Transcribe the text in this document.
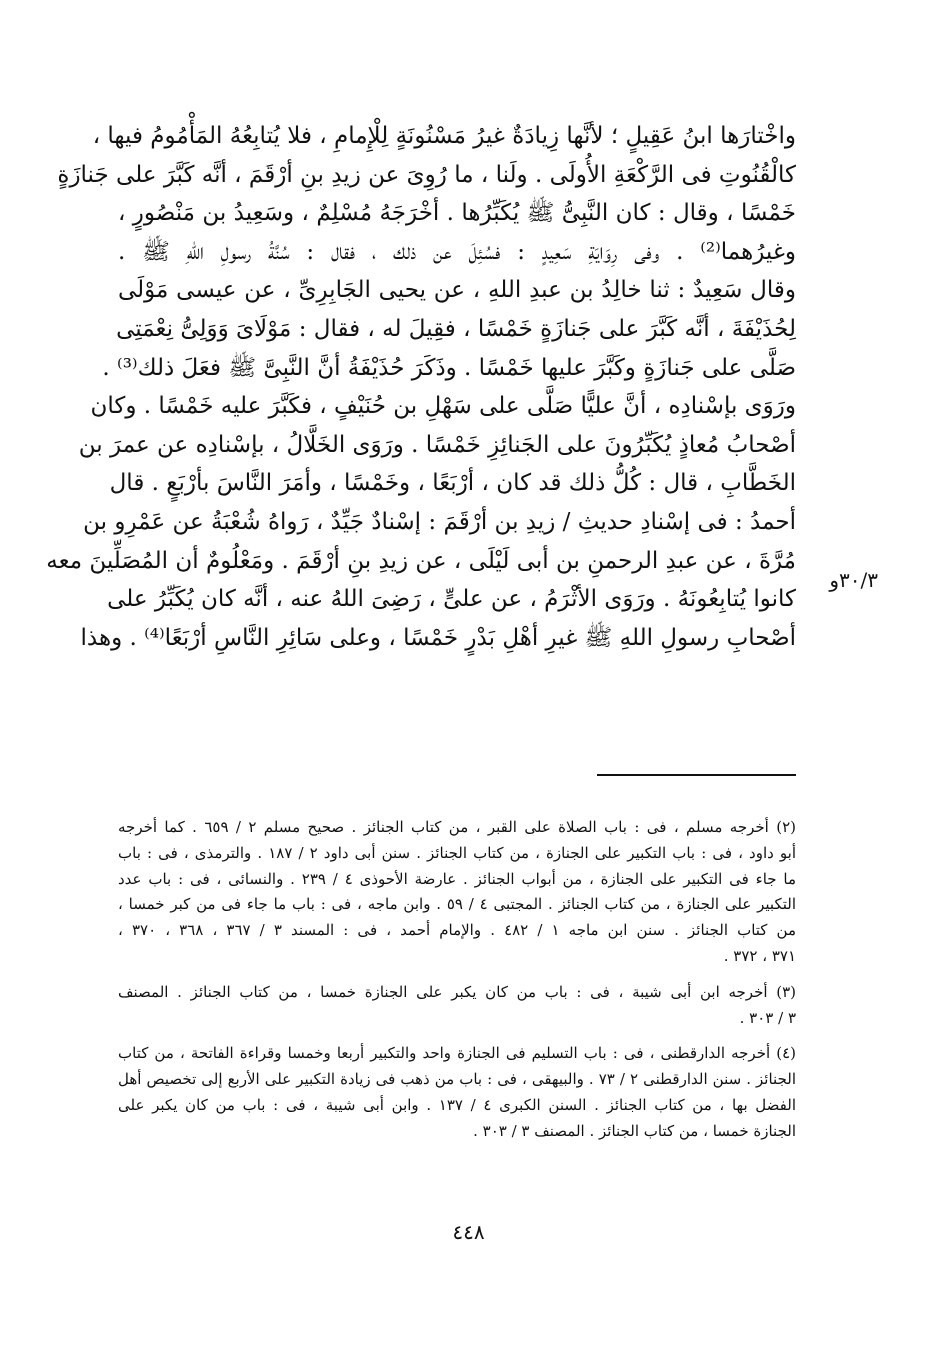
واخْتارَها ابنُ عَقِيلٍ ؛ لأنَّها زِيادَةٌ غيرُ مَسْنُونَةٍ لِلْإِمامِ ، فلا يُتابِعُهُ المَأْمُومُ فيها ،
كالْقُنُوتِ فى الرَّكْعَةِ الأُولَى . ولَنا ، ما رُوِىَ عن زيدِ بنِ أرْقَمَ ، أنَّه كَبَّرَ على جَنازَةٍ
خَمْسًا ، وقال : كان النَّبِىُّ ﷺ يُكَبِّرُها . أخْرَجَهُ مُسْلِمٌ ، وسَعِيدُ بن مَنْصُورٍ ،
وغيرُهما⁽²⁾ . وفى رِوَايَةِ سَعِيدٍ : فسُئِلَ عن ذلك ، فقال : سُنَّةُ رسولِ اللهِ ﷺ .
وقال سَعِيدٌ : ثنا خالِدُ بن عبدِ اللهِ ، عن يحيى الجَابِرِىِّ ، عن عيسى مَوْلَى
لِحُذَيْفَةَ ، أنَّه كَبَّرَ على جَنازَةٍ خَمْسًا ، فقِيلَ له ، فقال : مَوْلَاىَ وَوَلِىُّ نِعْمَتِى
صَلَّى على جَنازَةٍ وكَبَّرَ عليها خَمْسًا . وذَكَرَ حُذَيْفَةُ أنَّ النَّبِىَّ ﷺ فعَلَ ذلك⁽³⁾ .
ورَوَى بإسْنادِه ، أنَّ عليًّا صَلَّى على سَهْلِ بن حُنَيْفٍ ، فكَبَّرَ عليه خَمْسًا . وكان
أصْحابُ مُعاذٍ يُكَبِّرُونَ على الجَنائِزِ خَمْسًا . ورَوَى الخَلَّالُ ، بإسْنادِه عن عمرَ بن
الخَطَّابِ ، قال : كُلُّ ذلك قد كان ، أرْبَعًا ، وخَمْسًا ، وأمَرَ النَّاسَ بأرْبَعٍ . قال
أحمدُ : فى إسْنادِ حديثِ / زيدِ بن أرْقَمَ : إسْنادٌ جَيِّدٌ ، رَواهُ شُعْبَةُ عن عَمْرِو بن
مُرَّةَ ، عن عبدِ الرحمنِ بن أبى لَيْلَى ، عن زيدِ بنِ أرْقَمَ . ومَعْلُومٌ أن المُصَلِّينَ معه
كانوا يُتابِعُونَهُ . ورَوَى الأثْرَمُ ، عن علىٍّ ، رَضِىَ اللهُ عنه ، أنَّه كان يُكَبِّرُ على
أصْحابِ رسولِ اللهِ ﷺ غيرِ أهْلِ بَدْرٍ خَمْسًا ، وعلى سَائِرِ النَّاسِ أرْبَعًا⁽⁴⁾ . وهذا
٣٠/٣و
(٢) أخرجه مسلم ، فى : باب الصلاة على القبر ، من كتاب الجنائز . صحيح مسلم ٢ / ٦٥٩ . كما أخرجه
أبو داود ، فى : باب التكبير على الجنازة ، من كتاب الجنائز . سنن أبى داود ٢ / ١٨٧ . والترمذى ، فى : باب
ما جاء فى التكبير على الجنازة ، من أبواب الجنائز . عارضة الأحوذى ٤ / ٢٣٩ . والنسائى ، فى : باب عدد
التكبير على الجنازة ، من كتاب الجنائز . المجتبى ٤ / ٥٩ . وابن ماجه ، فى : باب ما جاء فى من كبر خمسا ،
من كتاب الجنائز . سنن ابن ماجه ١ / ٤٨٢ . والإمام أحمد ، فى : المسند ٣ / ٣٦٧ ، ٣٦٨ ، ٣٧٠ ،
٣٧١ ، ٣٧٢ .
(٣) أخرجه ابن أبى شيبة ، فى : باب من كان يكبر على الجنازة خمسا ، من كتاب الجنائز . المصنف
٣ / ٣٠٣ .
(٤) أخرجه الدارقطنى ، فى : باب التسليم فى الجنازة واحد والتكبير أربعا وخمسا وقراءة الفاتحة ، من كتاب
الجنائز . سنن الدارقطنى ٢ / ٧٣ . والبيهقى ، فى : باب من ذهب فى زيادة التكبير على الأربع إلى تخصيص أهل
الفضل بها ، من كتاب الجنائز . السنن الكبرى ٤ / ١٣٧ . وابن أبى شيبة ، فى : باب من كان يكبر على
الجنازة خمسا ، من كتاب الجنائز . المصنف ٣ / ٣٠٣ .
٤٤٨
